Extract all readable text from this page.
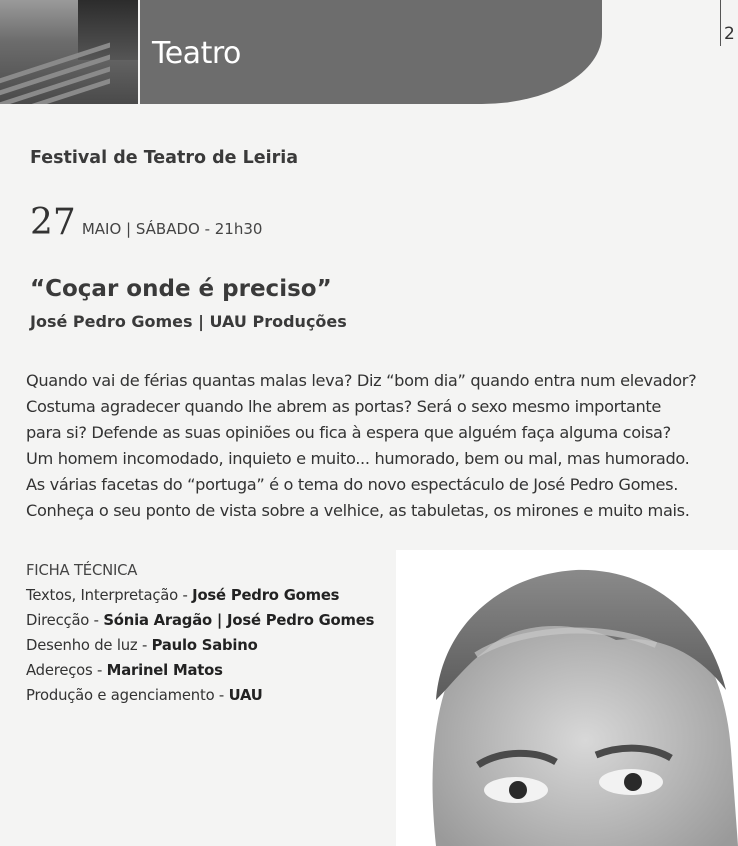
Teatro
2
Festival de Teatro de Leiria
27 MAIO | SÁBADO - 21h30
“Coçar onde é preciso”
José Pedro Gomes | UAU Produções
Quando vai de férias quantas malas leva? Diz “bom dia” quando entra num elevador?
Costuma agradecer quando lhe abrem as portas? Será o sexo mesmo importante
para si? Defende as suas opiniões ou fica à espera que alguém faça alguma coisa?
Um homem incomodado, inquieto e muito... humorado, bem ou mal, mas humorado.
As várias facetas do “portuga” é o tema do novo espectáculo de José Pedro Gomes.
Conheça o seu ponto de vista sobre a velhice, as tabuletas, os mirones e muito mais.
FICHA TÉCNICA
Textos, Interpretação - José Pedro Gomes
Direcção - Sónia Aragão | José Pedro Gomes
Desenho de luz - Paulo Sabino
Adereços - Marinel Matos
Produção e agenciamento - UAU
